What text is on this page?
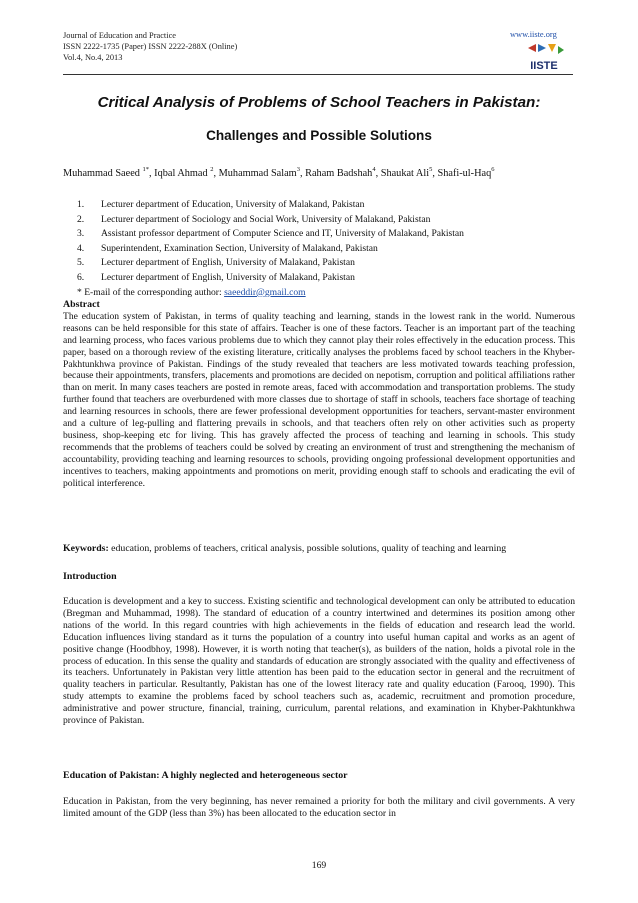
Journal of Education and Practice
ISSN 2222-1735 (Paper) ISSN 2222-288X (Online)
Vol.4, No.4, 2013
www.iiste.org
IISTE
Critical Analysis of Problems of School Teachers in Pakistan:
Challenges and Possible Solutions
Muhammad Saeed $^{1*}$, Iqbal Ahmad $^2$, Muhammad Salam$^3$, Raham Badshah$^4$, Shaukat Ali$^5$, Shafi-ul-Haq$^6$
1.	Lecturer department of Education, University of Malakand, Pakistan
2.	Lecturer department of Sociology and Social Work, University of Malakand, Pakistan
3.	Assistant professor department of Computer Science and IT, University of Malakand, Pakistan
4.	Superintendent, Examination Section, University of Malakand, Pakistan
5.	Lecturer department of English, University of Malakand, Pakistan
6.	Lecturer department of English, University of Malakand, Pakistan
* E-mail of the corresponding author: saeeddir@gmail.com
Abstract
The education system of Pakistan, in terms of quality teaching and learning, stands in the lowest rank in the world. Numerous reasons can be held responsible for this state of affairs. Teacher is one of these factors. Teacher is an important part of the teaching and learning process, who faces various problems due to which they cannot play their roles effectively in the education process. This paper, based on a thorough review of the existing literature, critically analyses the problems faced by school teachers in the Khyber-Pakhtunkhwa province of Pakistan. Findings of the study revealed that teachers are less motivated towards teaching profession, because their appointments, transfers, placements and promotions are decided on nepotism, corruption and political affiliations rather than on merit. In many cases teachers are posted in remote areas, faced with accommodation and transportation problems. The study further found that teachers are overburdened with more classes due to shortage of staff in schools, teachers face shortage of teaching and learning resources in schools, there are fewer professional development opportunities for teachers, servant-master environment and a culture of leg-pulling and flattering prevails in schools, and that teachers often rely on other activities such as property business, shop-keeping etc for living. This has gravely affected the process of teaching and learning in schools. This study recommends that the problems of teachers could be solved by creating an environment of trust and strengthening the mechanism of accountability, providing teaching and learning resources to schools, providing ongoing professional development opportunities and incentives to teachers, making appointments and promotions on merit, providing enough staff to schools and eradicating the evil of political interference.
Keywords: education, problems of teachers, critical analysis, possible solutions, quality of teaching and learning
Introduction
Education is development and a key to success. Existing scientific and technological development can only be attributed to education (Bregman and Muhammad, 1998). The standard of education of a country intertwined and determines its position among other nations of the world. In this regard countries with high achievements in the fields of education and research lead the world. Education influences living standard as it turns the population of a country into useful human capital and works as an agent of positive change (Hoodbhoy, 1998). However, it is worth noting that teacher(s), as builders of the nation, holds a pivotal role in the process of education. In this sense the quality and standards of education are strongly associated with the quality and effectiveness of its teachers. Unfortunately in Pakistan very little attention has been paid to the education sector in general and the recruitment of quality teachers in particular. Resultantly, Pakistan has one of the lowest literacy rate and quality education (Farooq, 1990). This study attempts to examine the problems faced by school teachers such as, academic, recruitment and promotion procedure, administrative and power structure, financial, training, curriculum, parental relations, and examination in Khyber-Pakhtunkhwa province of Pakistan.
Education of Pakistan: A highly neglected and heterogeneous sector
Education in Pakistan, from the very beginning, has never remained a priority for both the military and civil governments. A very limited amount of the GDP (less than 3%) has been allocated to the education sector in
169
